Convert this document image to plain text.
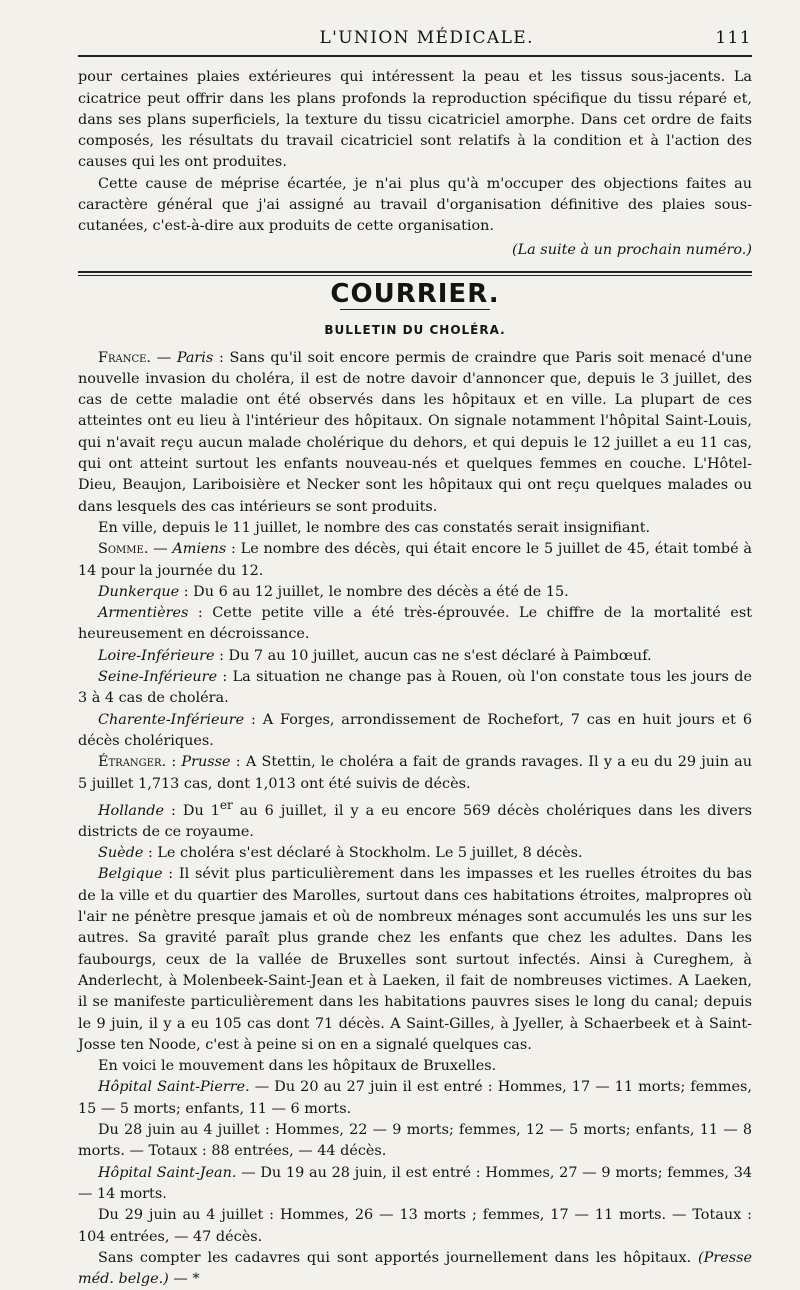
L'UNION MÉDICALE.	111

pour certaines plaies extérieures qui intéressent la peau et les tissus sous-jacents. La cicatrice peut offrir dans les plans profonds la reproduction spécifique du tissu réparé et, dans ses plans superficiels, la texture du tissu cicatriciel amorphe. Dans cet ordre de faits composés, les résultats du travail cicatriciel sont relatifs à la condition et à l'action des causes qui les ont produites.

Cette cause de méprise écartée, je n'ai plus qu'à m'occuper des objections faites au caractère général que j'ai assigné au travail d'organisation définitive des plaies sous-cutanées, c'est-à-dire aux produits de cette organisation.

(La suite à un prochain numéro.)

COURRIER.
BULLETIN DU CHOLÉRA.

France. — Paris : Sans qu'il soit encore permis de craindre que Paris soit menacé d'une nouvelle invasion du choléra, il est de notre davoir d'annoncer que, depuis le 3 juillet, des cas de cette maladie ont été observés dans les hôpitaux et en ville. La plupart de ces atteintes ont eu lieu à l'intérieur des hôpitaux. On signale notamment l'hôpital Saint-Louis, qui n'avait reçu aucun malade cholérique du dehors, et qui depuis le 12 juillet a eu 11 cas, qui ont atteint surtout les enfants nouveau-nés et quelques femmes en couche. L'Hôtel-Dieu, Beaujon, Lariboisière et Necker sont les hôpitaux qui ont reçu quelques malades ou dans lesquels des cas intérieurs se sont produits.

En ville, depuis le 11 juillet, le nombre des cas constatés serait insignifiant.

Somme. — Amiens : Le nombre des décès, qui était encore le 5 juillet de 45, était tombé à 14 pour la journée du 12.

Dunkerque : Du 6 au 12 juillet, le nombre des décès a été de 15.

Armentières : Cette petite ville a été très-éprouvée. Le chiffre de la mortalité est heureusement en décroissance.

Loire-Inférieure : Du 7 au 10 juillet, aucun cas ne s'est déclaré à Paimbœuf.

Seine-Inférieure : La situation ne change pas à Rouen, où l'on constate tous les jours de 3 à 4 cas de choléra.

Charente-Inférieure : A Forges, arrondissement de Rochefort, 7 cas en huit jours et 6 décès cholériques.

Étranger. : Prusse : A Stettin, le choléra a fait de grands ravages. Il y a eu du 29 juin au 5 juillet 1,713 cas, dont 1,013 ont été suivis de décès.

Hollande : Du 1er au 6 juillet, il y a eu encore 569 décès cholériques dans les divers districts de ce royaume.

Suède : Le choléra s'est déclaré à Stockholm. Le 5 juillet, 8 décès.

Belgique : Il sévit plus particulièrement dans les impasses et les ruelles étroites du bas de la ville et du quartier des Marolles, surtout dans ces habitations étroites, malpropres où l'air ne pénètre presque jamais et où de nombreux ménages sont accumulés les uns sur les autres. Sa gravité paraît plus grande chez les enfants que chez les adultes. Dans les faubourgs, ceux de la vallée de Bruxelles sont surtout infectés. Ainsi à Cureghem, à Anderlecht, à Molenbeek-Saint-Jean et à Laeken, il fait de nombreuses victimes. A Laeken, il se manifeste particulièrement dans les habitations pauvres sises le long du canal; depuis le 9 juin, il y a eu 105 cas dont 71 décès. A Saint-Gilles, à Jyeller, à Schaerbeek et à Saint-Josse ten Noode, c'est à peine si on en a signalé quelques cas.

En voici le mouvement dans les hôpitaux de Bruxelles.

Hôpital Saint-Pierre. — Du 20 au 27 juin il est entré : Hommes, 17 — 11 morts; femmes, 15 — 5 morts; enfants, 11 — 6 morts.

Du 28 juin au 4 juillet : Hommes, 22 — 9 morts; femmes, 12 — 5 morts; enfants, 11 — 8 morts. — Totaux : 88 entrées, — 44 décès.

Hôpital Saint-Jean. — Du 19 au 28 juin, il est entré : Hommes, 27 — 9 morts; femmes, 34 — 14 morts.

Du 29 juin au 4 juillet : Hommes, 26 — 13 morts ; femmes, 17 — 11 morts. — Totaux : 104 entrées, — 47 décès.

Sans compter les cadavres qui sont apportés journellement dans les hôpitaux. (Presse méd. belge.) — *
